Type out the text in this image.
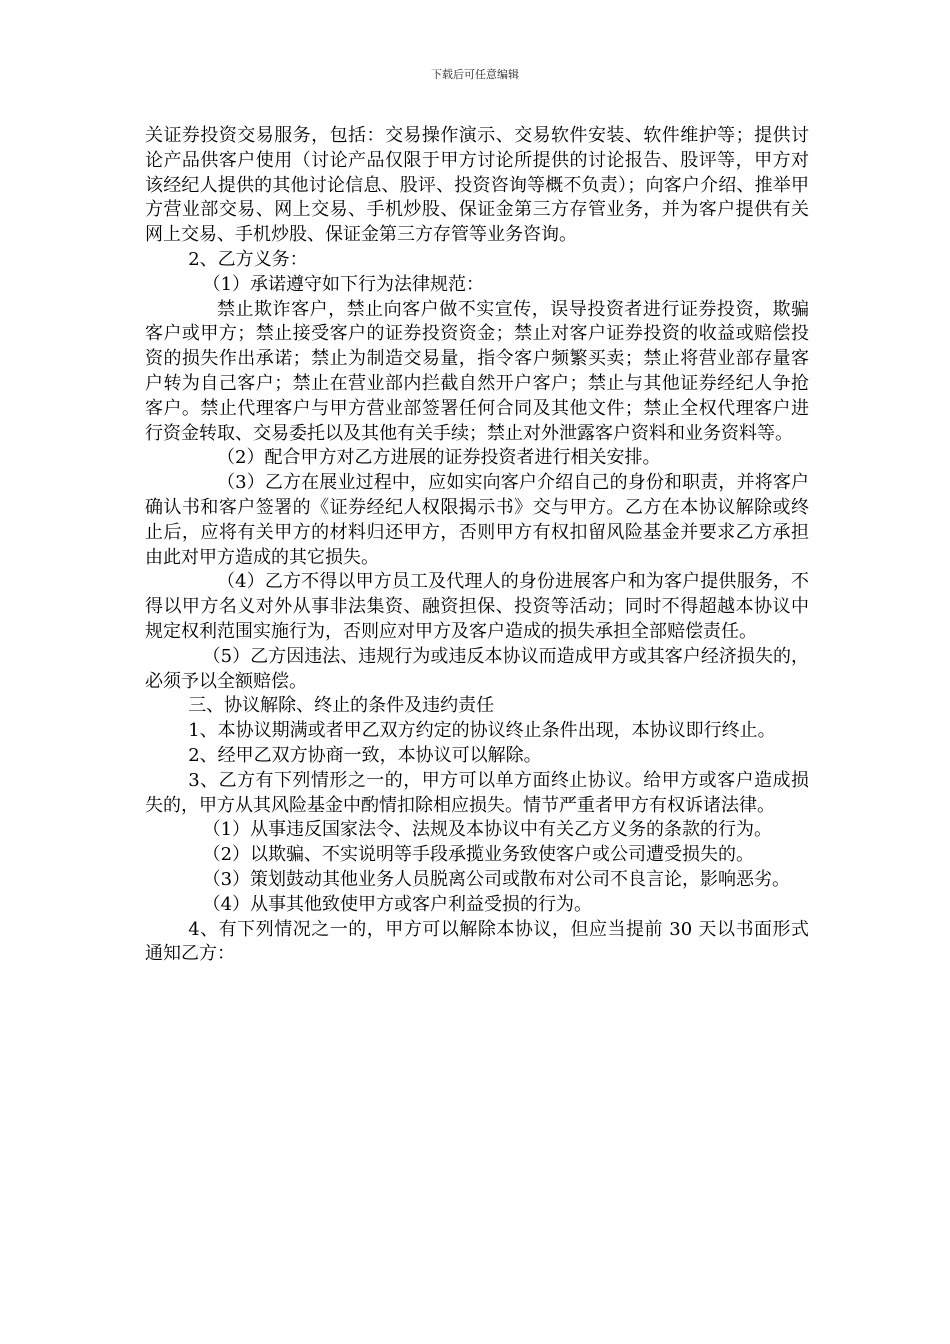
下载后可任意编辑

关证券投资交易服务，包括：交易操作演示、交易软件安装、软件维护等；提供讨论产品供客户使用（讨论产品仅限于甲方讨论所提供的讨论报告、股评等，甲方对该经纪人提供的其他讨论信息、股评、投资咨询等概不负责）；向客户介绍、推举甲方营业部交易、网上交易、手机炒股、保证金第三方存管业务，并为客户提供有关网上交易、手机炒股、保证金第三方存管等业务咨询。

2、乙方义务：

（1）承诺遵守如下行为法律规范：

禁止欺诈客户，禁止向客户做不实宣传，误导投资者进行证券投资，欺骗客户或甲方；禁止接受客户的证券投资资金；禁止对客户证券投资的收益或赔偿投资的损失作出承诺；禁止为制造交易量，指令客户频繁买卖；禁止将营业部存量客户转为自己客户；禁止在营业部内拦截自然开户客户；禁止与其他证券经纪人争抢客户。禁止代理客户与甲方营业部签署任何合同及其他文件；禁止全权代理客户进行资金转取、交易委托以及其他有关手续；禁止对外泄露客户资料和业务资料等。

（2）配合甲方对乙方进展的证券投资者进行相关安排。

（3）乙方在展业过程中，应如实向客户介绍自己的身份和职责，并将客户确认书和客户签署的《证券经纪人权限揭示书》交与甲方。乙方在本协议解除或终止后，应将有关甲方的材料归还甲方，否则甲方有权扣留风险基金并要求乙方承担由此对甲方造成的其它损失。

（4）乙方不得以甲方员工及代理人的身份进展客户和为客户提供服务，不得以甲方名义对外从事非法集资、融资担保、投资等活动；同时不得超越本协议中规定权利范围实施行为，否则应对甲方及客户造成的损失承担全部赔偿责任。

（5）乙方因违法、违规行为或违反本协议而造成甲方或其客户经济损失的，必须予以全额赔偿。

三、协议解除、终止的条件及违约责任

1、本协议期满或者甲乙双方约定的协议终止条件出现，本协议即行终止。

2、经甲乙双方协商一致，本协议可以解除。

3、乙方有下列情形之一的，甲方可以单方面终止协议。给甲方或客户造成损失的，甲方从其风险基金中酌情扣除相应损失。情节严重者甲方有权诉诸法律。

（1）从事违反国家法令、法规及本协议中有关乙方义务的条款的行为。

（2）以欺骗、不实说明等手段承揽业务致使客户或公司遭受损失的。

（3）策划鼓动其他业务人员脱离公司或散布对公司不良言论，影响恶劣。

（4）从事其他致使甲方或客户利益受损的行为。

4、有下列情况之一的，甲方可以解除本协议，但应当提前 30 天以书面形式通知乙方：
